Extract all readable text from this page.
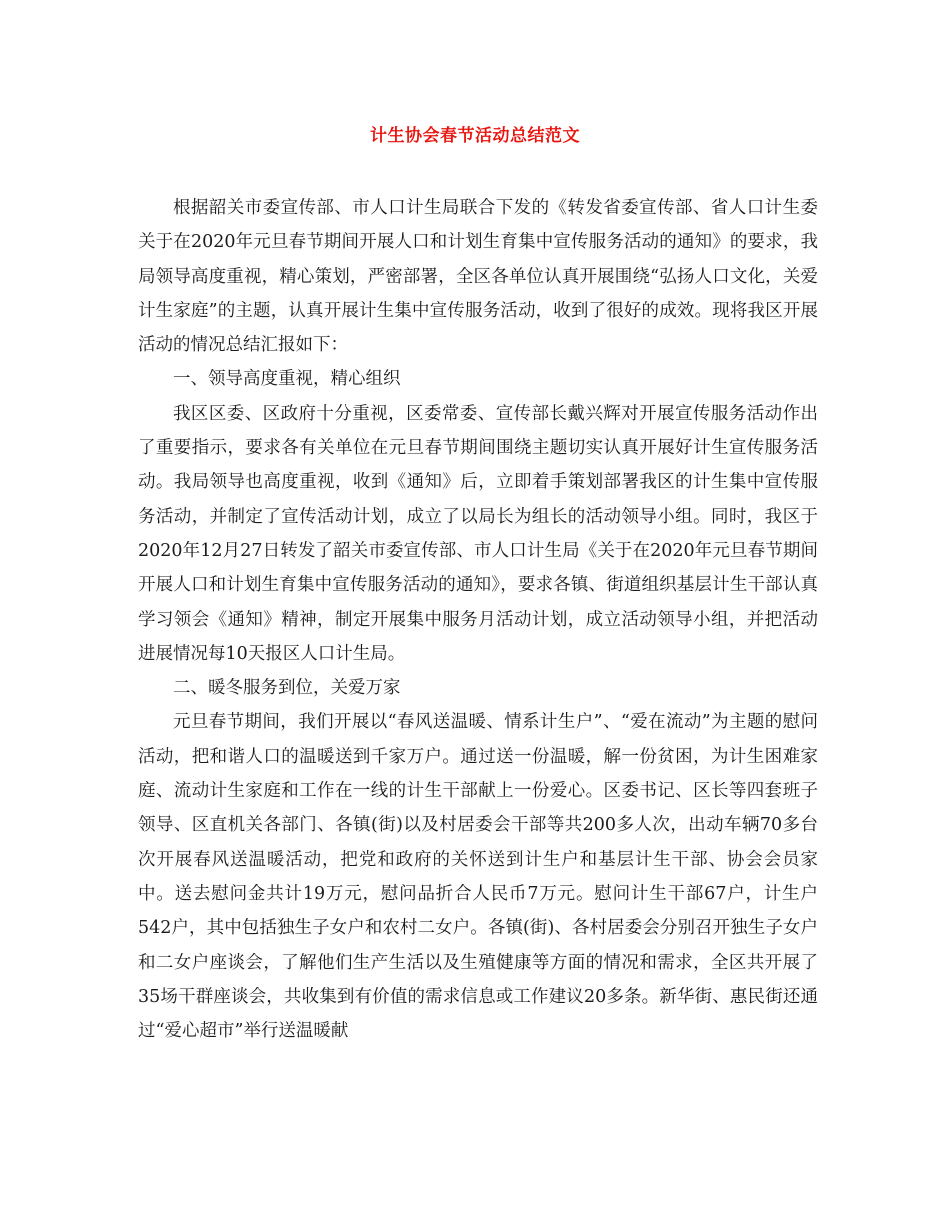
计生协会春节活动总结范文

根据韶关市委宣传部、市人口计生局联合下发的《转发省委宣传部、省人口计生委关于在2020年元旦春节期间开展人口和计划生育集中宣传服务活动的通知》的要求，我局领导高度重视，精心策划，严密部署，全区各单位认真开展围绕“弘扬人口文化，关爱计生家庭”的主题，认真开展计生集中宣传服务活动，收到了很好的成效。现将我区开展活动的情况总结汇报如下：

一、领导高度重视，精心组织

我区区委、区政府十分重视，区委常委、宣传部长戴兴辉对开展宣传服务活动作出了重要指示，要求各有关单位在元旦春节期间围绕主题切实认真开展好计生宣传服务活动。我局领导也高度重视，收到《通知》后，立即着手策划部署我区的计生集中宣传服务活动，并制定了宣传活动计划，成立了以局长为组长的活动领导小组。同时，我区于2020年12月27日转发了韶关市委宣传部、市人口计生局《关于在2020年元旦春节期间开展人口和计划生育集中宣传服务活动的通知》，要求各镇、街道组织基层计生干部认真学习领会《通知》精神，制定开展集中服务月活动计划，成立活动领导小组，并把活动进展情况每10天报区人口计生局。

二、暖冬服务到位，关爱万家

元旦春节期间，我们开展以“春风送温暖、情系计生户”、“爱在流动”为主题的慰问活动，把和谐人口的温暖送到千家万户。通过送一份温暖，解一份贫困，为计生困难家庭、流动计生家庭和工作在一线的计生干部献上一份爱心。区委书记、区长等四套班子领导、区直机关各部门、各镇(街)以及村居委会干部等共200多人次，出动车辆70多台次开展春风送温暖活动，把党和政府的关怀送到计生户和基层计生干部、协会会员家中。送去慰问金共计19万元，慰问品折合人民币7万元。慰问计生干部67户，计生户542户，其中包括独生子女户和农村二女户。各镇(街)、各村居委会分别召开独生子女户和二女户座谈会，了解他们生产生活以及生殖健康等方面的情况和需求，全区共开展了35场干群座谈会，共收集到有价值的需求信息或工作建议20多条。新华街、惠民街还通过“爱心超市”举行送温暖献
